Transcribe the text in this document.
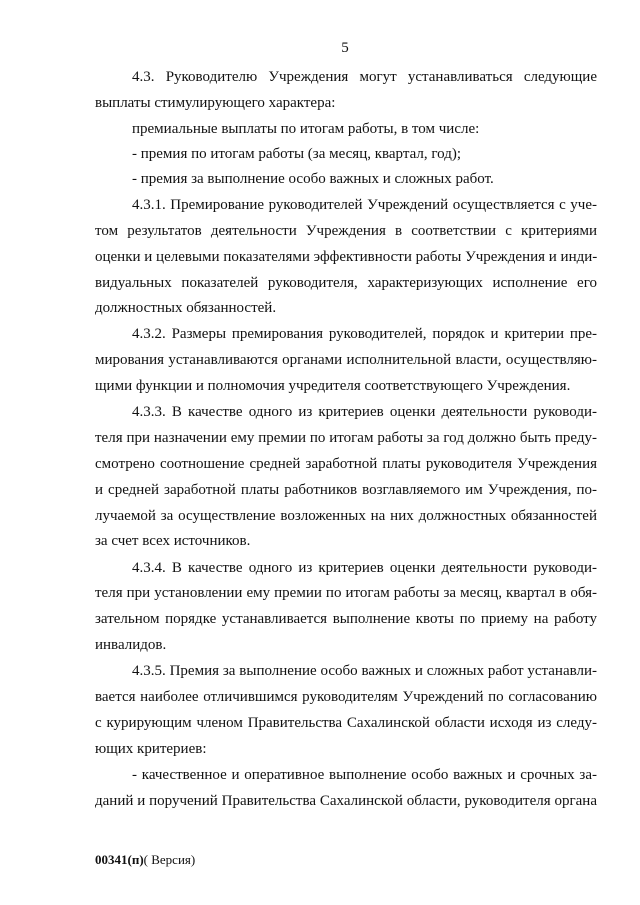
5
4.3. Руководителю Учреждения могут устанавливаться следующие
выплаты стимулирующего характера:
премиальные выплаты по итогам работы, в том числе:
- премия по итогам работы (за месяц, квартал, год);
- премия за выполнение особо важных и сложных работ.
4.3.1. Премирование руководителей Учреждений осуществляется с уче-
том результатов деятельности Учреждения в соответствии с критериями
оценки и целевыми показателями эффективности работы Учреждения и инди-
видуальных показателей руководителя, характеризующих исполнение его
должностных обязанностей.
4.3.2. Размеры премирования руководителей, порядок и критерии пре-
мирования устанавливаются органами исполнительной власти, осуществляю-
щими функции и полномочия учредителя соответствующего Учреждения.
4.3.3. В качестве одного из критериев оценки деятельности руководи-
теля при назначении ему премии по итогам работы за год должно быть преду-
смотрено соотношение средней заработной платы руководителя Учреждения
и средней заработной платы работников возглавляемого им Учреждения, по-
лучаемой за осуществление возложенных на них должностных обязанностей
за счет всех источников.
4.3.4. В качестве одного из критериев оценки деятельности руководи-
теля при установлении ему премии по итогам работы за месяц, квартал в обя-
зательном порядке устанавливается выполнение квоты по приему на работу
инвалидов.
4.3.5. Премия за выполнение особо важных и сложных работ устанавли-
вается наиболее отличившимся руководителям Учреждений по согласованию
с курирующим членом Правительства Сахалинской области исходя из следу-
ющих критериев:
- качественное и оперативное выполнение особо важных и срочных за-
даний и поручений Правительства Сахалинской области, руководителя органа
00341(п)( Версия)
